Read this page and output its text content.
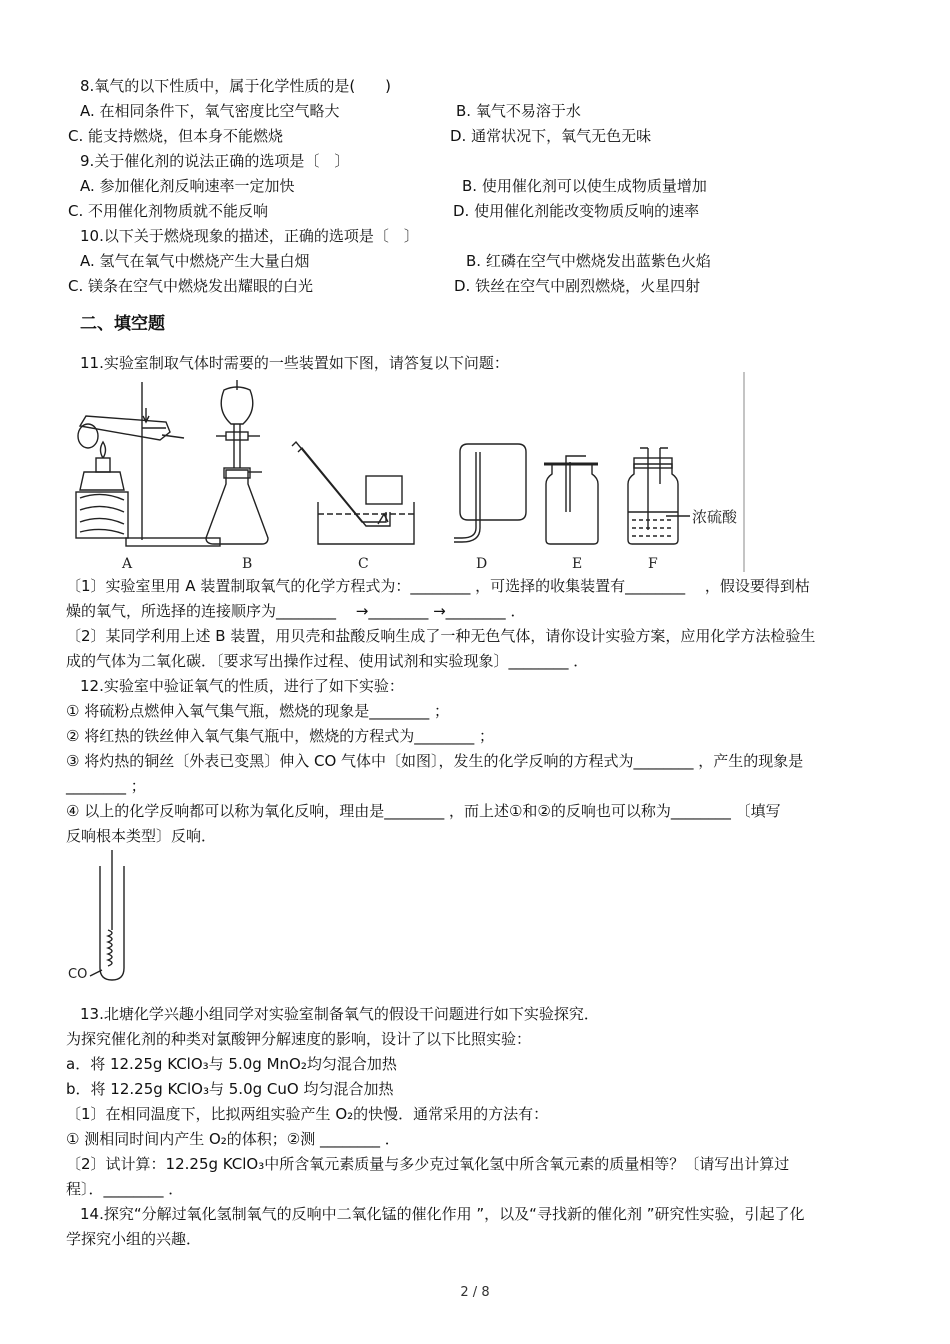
8.氧气的以下性质中，属于化学性质的是(　　)
A. 在相同条件下，氧气密度比空气略大	B. 氧气不易溶于水
C. 能支持燃烧，但本身不能燃烧	D. 通常状况下，氧气无色无味
9.关于催化剂的说法正确的选项是〔　〕
A. 参加催化剂反响速率一定加快	B. 使用催化剂可以使生成物质量增加
C. 不用催化剂物质就不能反响	D. 使用催化剂能改变物质反响的速率
10.以下关于燃烧现象的描述，正确的选项是〔　〕
A. 氢气在氧气中燃烧产生大量白烟	B. 红磷在空气中燃烧发出蓝紫色火焰
C. 镁条在空气中燃烧发出耀眼的白光	D. 铁丝在空气中剧烈燃烧，火星四射
二、填空题
11.实验室制取气体时需要的一些装置如下图，请答复以下问题：
A	B	C	D	E	F
浓硫酸
〔1〕实验室里用 A 装置制取氧气的化学方程式为：________ ，可选择的收集装置有________　 ，假设要得到枯
燥的氧气，所选择的连接顺序为________　 →________ →________ ．
〔2〕某同学利用上述 B 装置，用贝壳和盐酸反响生成了一种无色气体，请你设计实验方案，应用化学方法检验生
成的气体为二氧化碳．〔要求写出操作过程、使用试剂和实验现象〕________ ．
12.实验室中验证氧气的性质，进行了如下实验：
① 将硫粉点燃伸入氧气集气瓶，燃烧的现象是________ ；
② 将红热的铁丝伸入氧气集气瓶中，燃烧的方程式为________ ；
③ 将灼热的铜丝〔外表已变黑〕伸入 CO 气体中〔如图〕，发生的化学反响的方程式为________ ，产生的现象是
________ ；
④ 以上的化学反响都可以称为氧化反响，理由是________ ，而上述①和②的反响也可以称为________ 〔填写
反响根本类型〕反响．
CO
13.北塘化学兴趣小组同学对实验室制备氧气的假设干问题进行如下实验探究．
为探究催化剂的种类对氯酸钾分解速度的影响，设计了以下比照实验：
a．将 12.25g KClO₃与 5.0g MnO₂均匀混合加热
b．将 12.25g KClO₃与 5.0g CuO 均匀混合加热
〔1〕在相同温度下，比拟两组实验产生 O₂的快慢．通常采用的方法有：
① 测相同时间内产生 O₂的体积；②测 ________ ．
〔2〕试计算：12.25g KClO₃中所含氧元素质量与多少克过氧化氢中所含氧元素的质量相等？〔请写出计算过
程〕．________ ．
14.探究“分解过氧化氢制氧气的反响中二氧化锰的催化作用 ”，以及“寻找新的催化剂 ”研究性实验，引起了化
学探究小组的兴趣．
2 / 8
